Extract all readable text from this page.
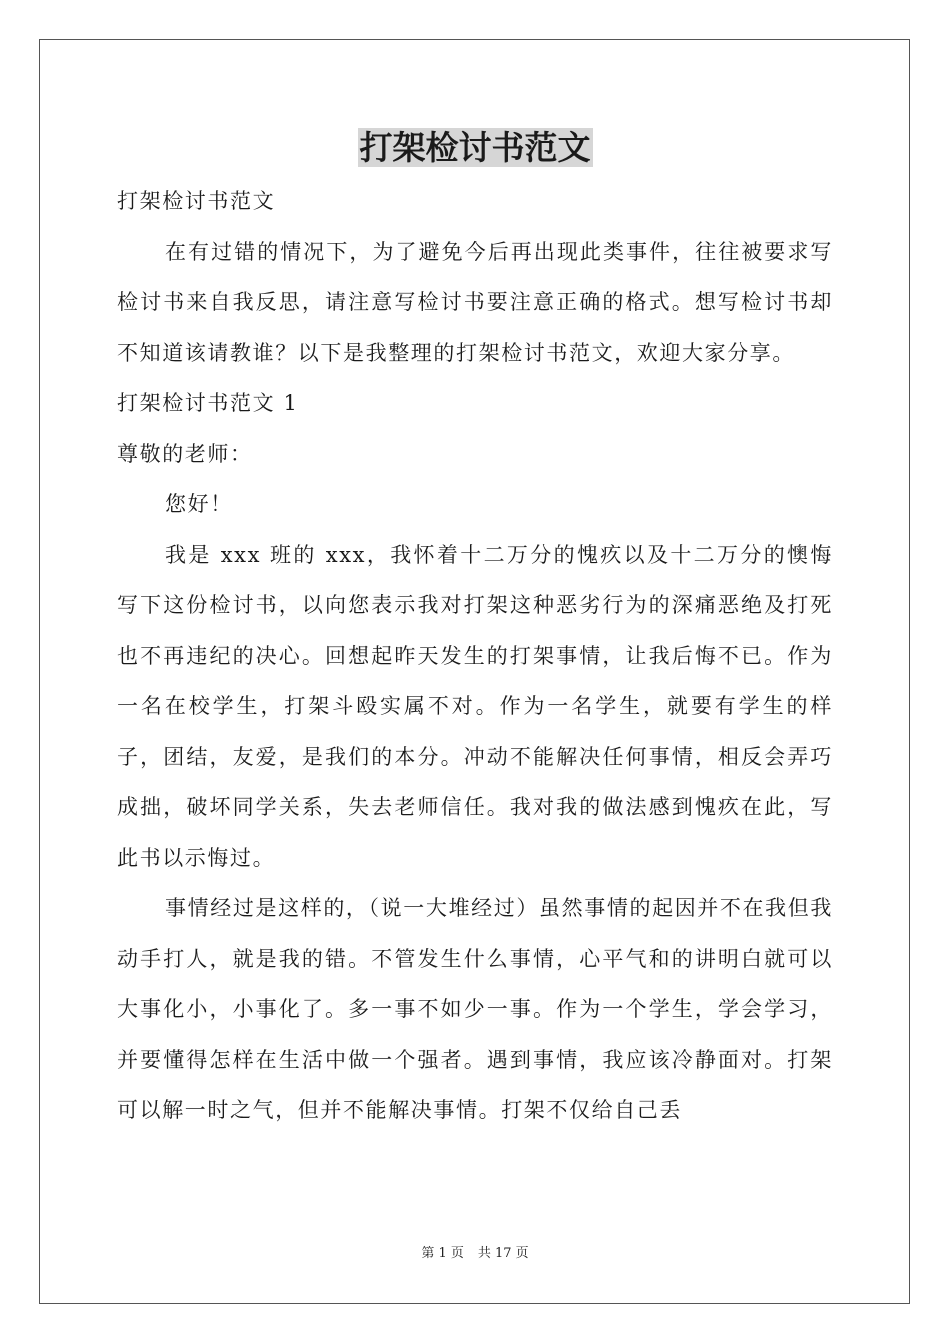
打架检讨书范文

打架检讨书范文

在有过错的情况下，为了避免今后再出现此类事件，往往被要求写检讨书来自我反思，请注意写检讨书要注意正确的格式。想写检讨书却不知道该请教谁？以下是我整理的打架检讨书范文，欢迎大家分享。

打架检讨书范文 1

尊敬的老师：

您好！

我是 xxx 班的 xxx，我怀着十二万分的愧疚以及十二万分的懊悔写下这份检讨书，以向您表示我对打架这种恶劣行为的深痛恶绝及打死也不再违纪的决心。回想起昨天发生的打架事情，让我后悔不已。作为一名在校学生，打架斗殴实属不对。作为一名学生，就要有学生的样子，团结，友爱，是我们的本分。冲动不能解决任何事情，相反会弄巧成拙，破坏同学关系，失去老师信任。我对我的做法感到愧疚在此，写此书以示悔过。

事情经过是这样的，（说一大堆经过）虽然事情的起因并不在我但我动手打人，就是我的错。不管发生什么事情，心平气和的讲明白就可以大事化小，小事化了。多一事不如少一事。作为一个学生，学会学习，并要懂得怎样在生活中做一个强者。遇到事情，我应该冷静面对。打架可以解一时之气，但并不能解决事情。打架不仅给自己丢

第 1 页 共 17 页
